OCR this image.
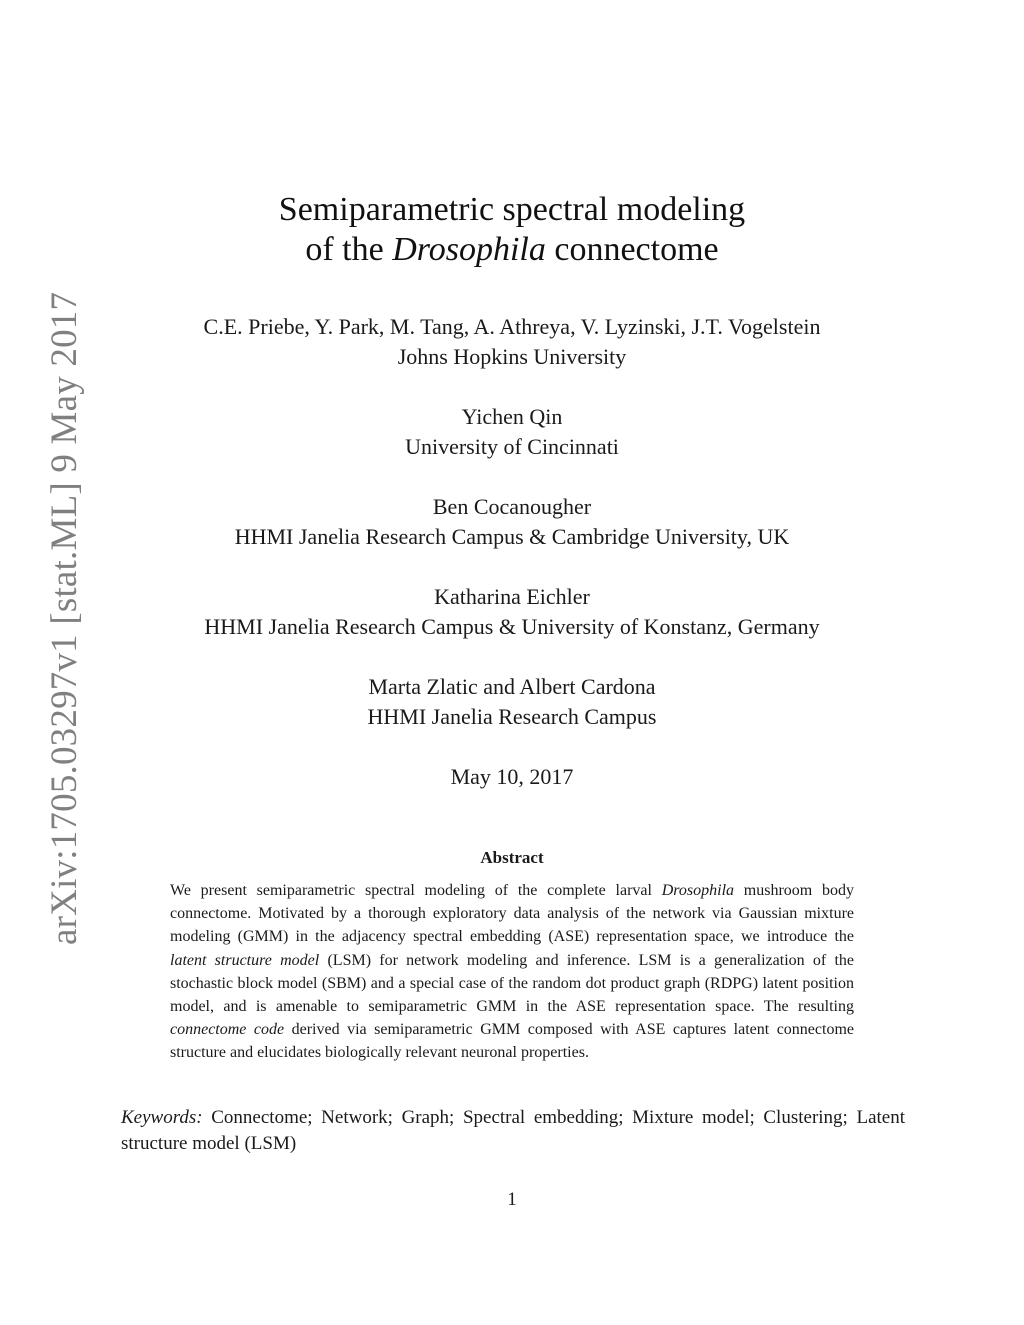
arXiv:1705.03297v1 [stat.ML] 9 May 2017
Semiparametric spectral modeling
of the Drosophila connectome
C.E. Priebe, Y. Park, M. Tang, A. Athreya, V. Lyzinski, J.T. Vogelstein
Johns Hopkins University
Yichen Qin
University of Cincinnati
Ben Cocanougher
HHMI Janelia Research Campus & Cambridge University, UK
Katharina Eichler
HHMI Janelia Research Campus & University of Konstanz, Germany
Marta Zlatic and Albert Cardona
HHMI Janelia Research Campus
May 10, 2017
Abstract

We present semiparametric spectral modeling of the complete larval Drosophila mushroom body connectome. Motivated by a thorough exploratory data analysis of the network via Gaussian mixture modeling (GMM) in the adjacency spectral embedding (ASE) representation space, we introduce the latent structure model (LSM) for network modeling and inference. LSM is a generalization of the stochastic block model (SBM) and a special case of the random dot product graph (RDPG) latent position model, and is amenable to semiparametric GMM in the ASE representation space. The resulting connectome code derived via semiparametric GMM composed with ASE captures latent connectome structure and elucidates biologically relevant neuronal properties.

Keywords: Connectome; Network; Graph; Spectral embedding; Mixture model; Clustering; Latent structure model (LSM)

1
